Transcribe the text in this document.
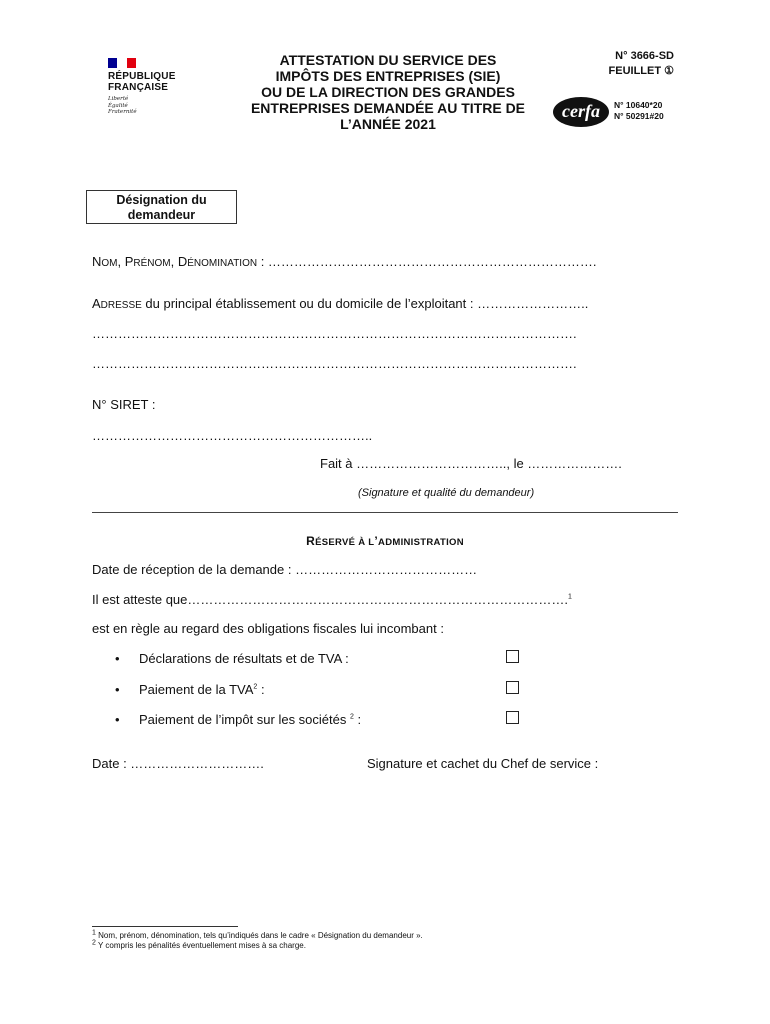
RÉPUBLIQUE
FRANÇAISE
Liberté
Égalité
Fraternité
ATTESTATION DU SERVICE DES
IMPÔTS DES ENTREPRISES (SIE)
OU DE LA DIRECTION DES GRANDES
ENTREPRISES DEMANDÉE AU TITRE DE
L’ANNÉE 2021
N° 3666-SD
FEUILLET ①
cerfa	N° 10640*20
N° 50291#20
Désignation du
demandeur
NOM, PRÉNOM, DÉNOMINATION : ………………………………………………………………….
ADRESSE du principal établissement ou du domicile de l’exploitant : ……………………..
………………………………………………………………………………………………….
………………………………………………………………………………………………….
N° SIRET :
………………………………………………………..
Fait à …………………………….., le ………………….
(Signature et qualité du demandeur)
RÉSERVÉ À L’ADMINISTRATION
Date de réception de la demande : ……………………………………
Il est atteste que…………………………………………………………………………….$^1$
est en règle au regard des obligations fiscales lui incombant :
• Déclarations de résultats et de TVA :
• Paiement de la TVA$^2$ :
• Paiement de l’impôt sur les sociétés $^2$ :
Date : ………………………….	Signature et cachet du Chef de service :
$^1$ Nom, prénom, dénomination, tels qu’indiqués dans le cadre « Désignation du demandeur ».
$^2$ Y compris les pénalités éventuellement mises à sa charge.
